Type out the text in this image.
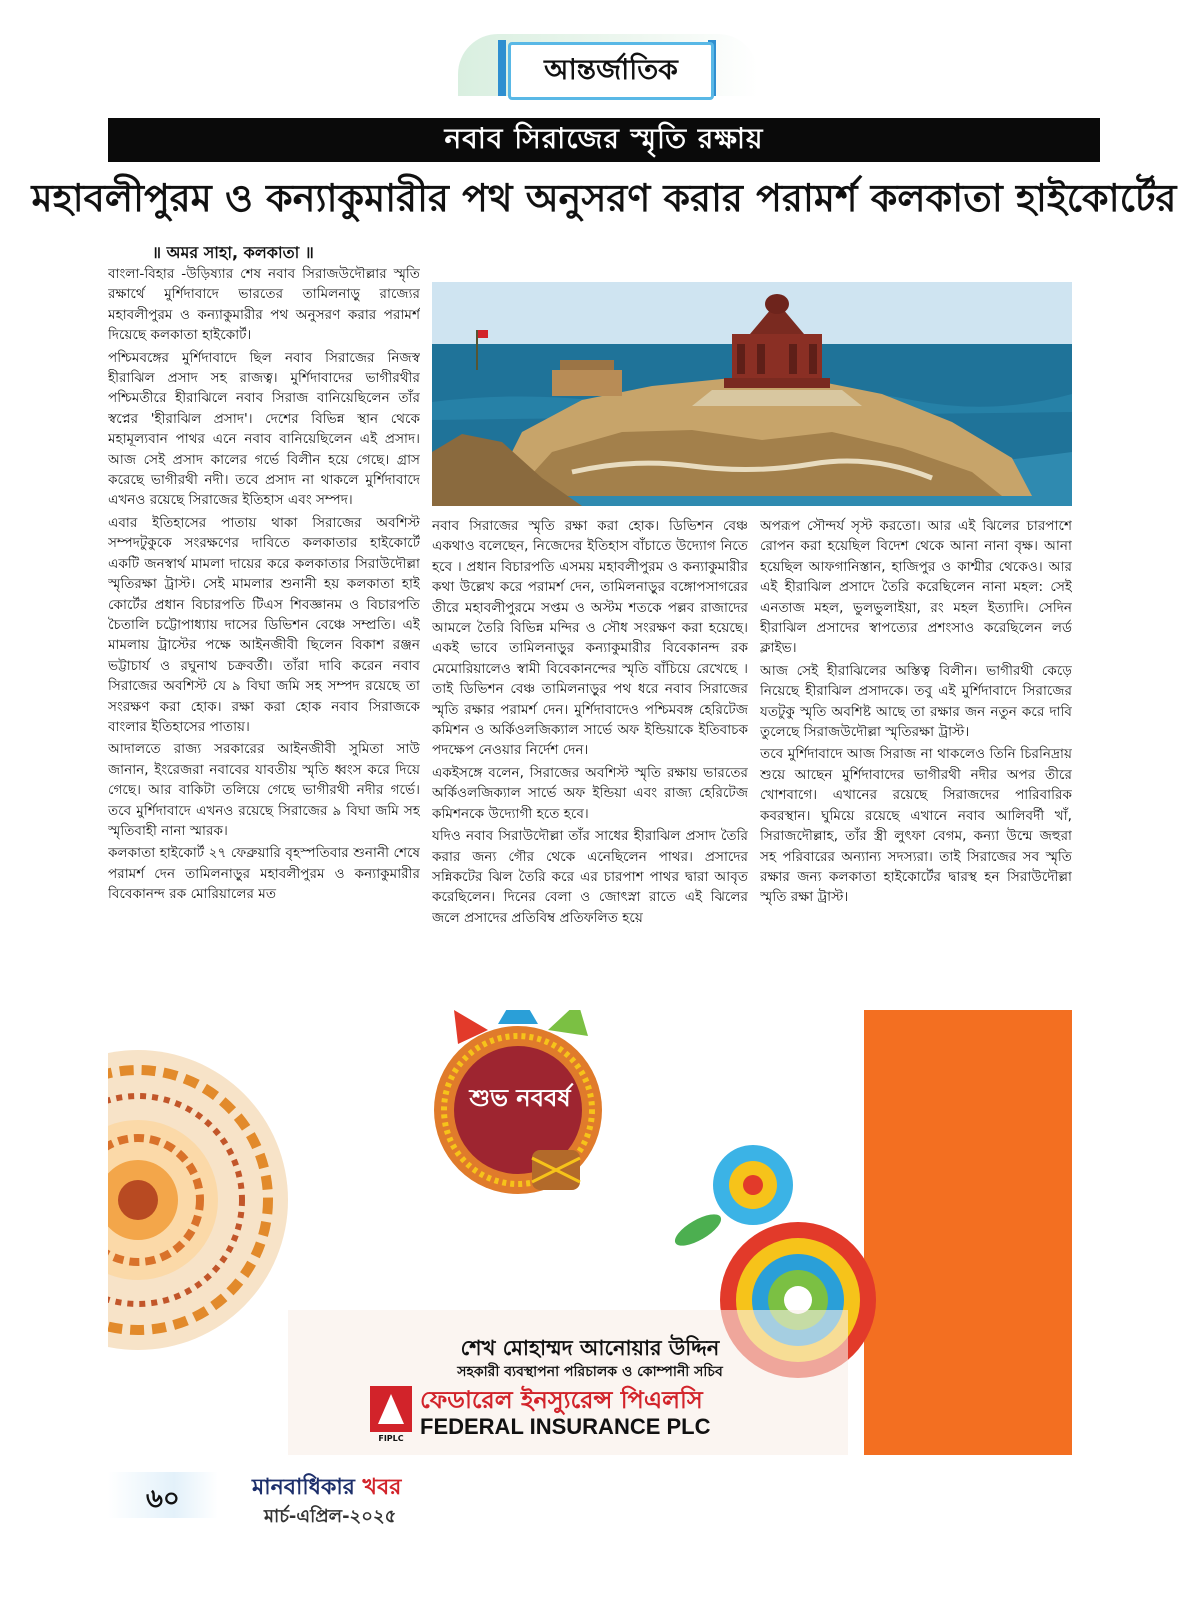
আন্তর্জাতিক
নবাব সিরাজের স্মৃতি রক্ষায়
মহাবলীপুরম ও কন্যাকুমারীর পথ অনুসরণ করার পরামর্শ কলকাতা হাইকোর্টের
॥ অমর সাহা, কলকাতা ॥

বাংলা-বিহার -উড়িষ্যার শেষ নবাব সিরাজউদৌল্লার স্মৃতি রক্ষার্থে মুর্শিদাবাদে ভারতের তামিলনাড়ু রাজ্যের মহাবলীপুরম ও কন্যাকুমারীর পথ অনুসরণ করার পরামর্শ দিয়েছে কলকাতা হাইকোর্ট।

পশ্চিমবঙ্গের মুর্শিদাবাদে ছিল নবাব সিরাজের নিজস্ব হীরাঝিল প্রসাদ সহ রাজত্ব। মুর্শিদাবাদের ভাগীরথীর পশ্চিমতীরে হীরাঝিলে নবাব সিরাজ বানিয়েছিলেন তাঁর স্বপ্নের 'হীরাঝিল প্রসাদ'। দেশের বিভিন্ন স্থান থেকে মহামূল্যবান পাথর এনে নবাব বানিয়েছিলেন এই প্রসাদ। আজ সেই প্রসাদ কালের গর্ভে বিলীন হয়ে গেছে। গ্রাস করেছে ভাগীরথী নদী। তবে প্রসাদ না থাকলে মুর্শিদাবাদে এখনও রয়েছে সিরাজের ইতিহাস এবং সম্পদ।

এবার ইতিহাসের পাতায় থাকা সিরাজের অবশিস্ট সম্পদটুকুকে সংরক্ষণের দাবিতে কলকাতার হাইকোর্টে একটি জনস্বার্থ মামলা দায়ের করে কলকাতার সিরাউদৌল্লা স্মৃতিরক্ষা ট্রাস্ট। সেই মামলার শুনানী হয় কলকাতা হাই কোর্টের প্রধান বিচারপতি টিএস শিবজ্ঞানম ও বিচারপতি চৈতালি চট্টোপাধ্যায় দাসের ডিভিশন বেঞ্চে সম্প্রতি। এই মামলায় ট্রাস্টের পক্ষে আইনজীবী ছিলেন বিকাশ রঞ্জন ভট্টাচার্য ও রঘুনাথ চক্রবর্তী। তাঁরা দাবি করেন নবাব সিরাজের অবশিস্ট যে ৯ বিঘা জমি সহ সম্পদ রয়েছে তা সংরক্ষণ করা হোক। রক্ষা করা হোক নবাব সিরাজকে বাংলার ইতিহাসের পাতায়।

আদালতে রাজ্য সরকারের আইনজীবী সুমিতা সাউ জানান, ইংরেজরা নবাবের যাবতীয় স্মৃতি ধ্বংস করে দিয়ে গেছে। আর বাকিটা তলিয়ে গেছে ভাগীরথী নদীর গর্ভে। তবে মুর্শিদাবাদে এখনও রয়েছে সিরাজের ৯ বিঘা জমি সহ স্মৃতিবাহী নানা স্মারক।

কলকাতা হাইকোর্ট ২৭ ফেব্রুয়ারি বৃহস্পতিবার শুনানী শেষে পরামর্শ দেন তামিলনাড়ুর মহাবলীপুরম ও কন্যাকুমারীর বিবেকানন্দ রক মোরিয়ালের মত

নবাব সিরাজের স্মৃতি রক্ষা করা হোক। ডিভিশন বেঞ্চ একথাও বলেছেন, নিজেদের ইতিহাস বাঁচাতে উদ্যোগ নিতে হবে । প্রধান বিচারপতি এসময় মহাবলীপুরম ও কন্যাকুমারীর কথা উল্লেখ করে পরামর্শ দেন, তামিলনাড়ুর বঙ্গোপসাগরের তীরে মহাবলীপুরমে সপ্তম ও অস্টম শতকে পল্লব রাজাদের আমলে তৈরি বিভিন্ন মন্দির ও সৌধ সংরক্ষণ করা হয়েছে। একই ভাবে তামিলনাড়ুর কন্যাকুমারীর বিবেকানন্দ রক মেমোরিয়ালেও স্বামী বিবেকানন্দের স্মৃতি বাঁচিয়ে রেখেছে । তাই ডিভিশন বেঞ্চ তামিলনাড়ুর পথ ধরে নবাব সিরাজের স্মৃতি রক্ষার পরামর্শ দেন। মুর্শিদাবাদেও পশ্চিমবঙ্গ হেরিটেজ কমিশন ও অর্কিওলজিক্যাল সার্ভে অফ ইন্ডিয়াকে ইতিবাচক পদক্ষেপ নেওয়ার নির্দেশ দেন।

একইসঙ্গে বলেন, সিরাজের অবশিস্ট স্মৃতি রক্ষায় ভারতের অর্কিওলজিক্যাল সার্ভে অফ ইন্ডিয়া এবং রাজ্য হেরিটেজ কমিশনকে উদ্যোগী হতে হবে।

যদিও নবাব সিরাউদৌল্লা তাঁর সাধের হীরাঝিল প্রসাদ তৈরি করার জন্য গৌর থেকে এনেছিলেন পাথর। প্রসাদের সন্নিকটের ঝিল তৈরি করে এর চারপাশ পাথর দ্বারা আবৃত করেছিলেন। দিনের বেলা ও জোৎস্না রাতে এই ঝিলের জলে প্রসাদের প্রতিবিম্ব প্রতিফলিত হয়ে

অপরূপ সৌন্দর্য সৃস্ট করতো। আর এই ঝিলের চারপাশে রোপন করা হয়েছিল বিদেশ থেকে আনা নানা বৃক্ষ। আনা হয়েছিল আফগানিস্তান, হাজিপুর ও কাশ্মীর থেকেও। আর এই হীরাঝিল প্রসাদে তৈরি করেছিলেন নানা মহল: সেই এনতাজ মহল, ভুলভুলাইয়া, রং মহল ইত্যাদি। সেদিন হীরাঝিল প্রসাদের স্বাপত্যের প্রশংসাও করেছিলেন লর্ড ক্লাইভ।

আজ সেই হীরাঝিলের অস্তিত্ব বিলীন। ভাগীরথী কেড়ে নিয়েছে হীরাঝিল প্রসাদকে। তবু এই মুর্শিদাবাদে সিরাজের যতটুকু স্মৃতি অবশিষ্ট আছে তা রক্ষার জন নতুন করে দাবি তুলেছে সিরাজউদৌল্লা স্মৃতিরক্ষা ট্রাস্ট।

তবে মুর্শিদাবাদে আজ সিরাজ না থাকলেও তিনি চিরনিদ্রায় শুয়ে আছেন মুর্শিদাবাদের ভাগীরথী নদীর অপর তীরে খোশবাগে। এখানের রয়েছে সিরাজদের পারিবারিক কবরস্থান। ঘুমিয়ে রয়েছে এখানে নবাব আলিবর্দী খাঁ, সিরাজদৌল্লাহ, তাঁর স্ত্রী লুৎফা বেগম, কন্যা উন্মে জহুরা সহ পরিবারের অন্যান্য সদস্যরা। তাই সিরাজের সব স্মৃতি রক্ষার জন্য কলকাতা হাইকোর্টের দ্বারস্থ হন সিরাউদৌল্লা স্মৃতি রক্ষা ট্রাস্ট।

শুভ নববর্ষ
শেখ মোহাম্মদ আনোয়ার উদ্দিন
সহকারী ব্যবস্থাপনা পরিচালক ও কোম্পানী সচিব
ফেডারেল ইনস্যুরেন্স পিএলসি
FEDERAL INSURANCE PLC
FIPLC
৬০	মানবাধিকার খবর
মার্চ-এপ্রিল-২০২৫
